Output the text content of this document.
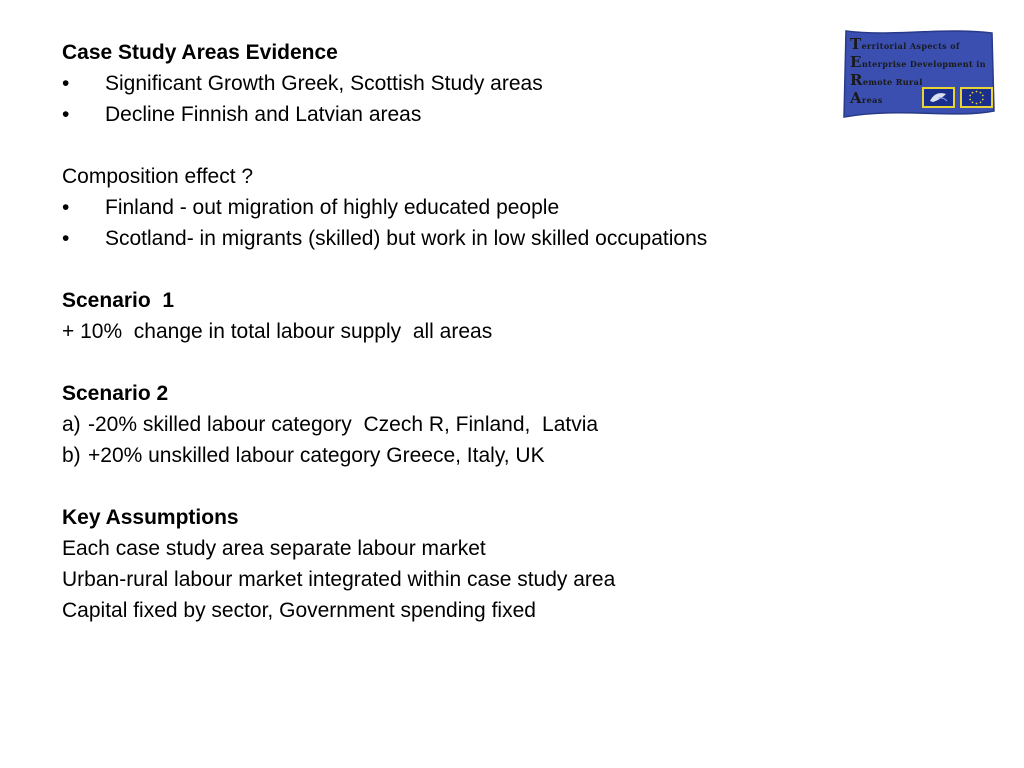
Case Study Areas Evidence
•	Significant Growth Greek, Scottish Study areas
•	Decline Finnish and Latvian areas
Composition effect ?
•	Finland - out migration of highly educated people
•	Scotland- in migrants (skilled) but work in low skilled occupations
Scenario  1
+ 10%  change in total labour supply  all areas
Scenario 2
a) -20% skilled labour category  Czech R, Finland,  Latvia
b) +20% unskilled labour category Greece, Italy, UK
Key Assumptions
Each case study area separate labour market
Urban-rural labour market integrated within case study area
Capital fixed by sector, Government spending fixed
Territorial Aspects of
Enterprise Development in
Remote Rural
Areas
